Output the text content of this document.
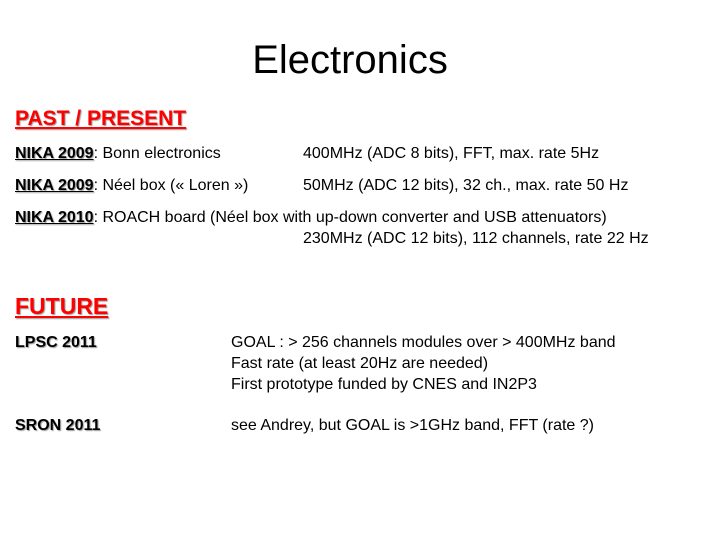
Electronics
PAST / PRESENT
NIKA 2009: Bonn electronics	400MHz (ADC 8 bits), FFT, max. rate 5Hz
NIKA 2009: Néel box (« Loren »)	50MHz (ADC 12 bits), 32 ch., max. rate 50 Hz
NIKA 2010: ROACH board (Néel box with up-down converter and USB attenuators)
230MHz (ADC 12 bits), 112 channels, rate 22 Hz
FUTURE
LPSC 2011	GOAL : > 256 channels modules over > 400MHz band
Fast rate (at least 20Hz are needed)
First prototype funded by CNES and IN2P3
SRON 2011	see Andrey, but GOAL is >1GHz band, FFT (rate ?)
